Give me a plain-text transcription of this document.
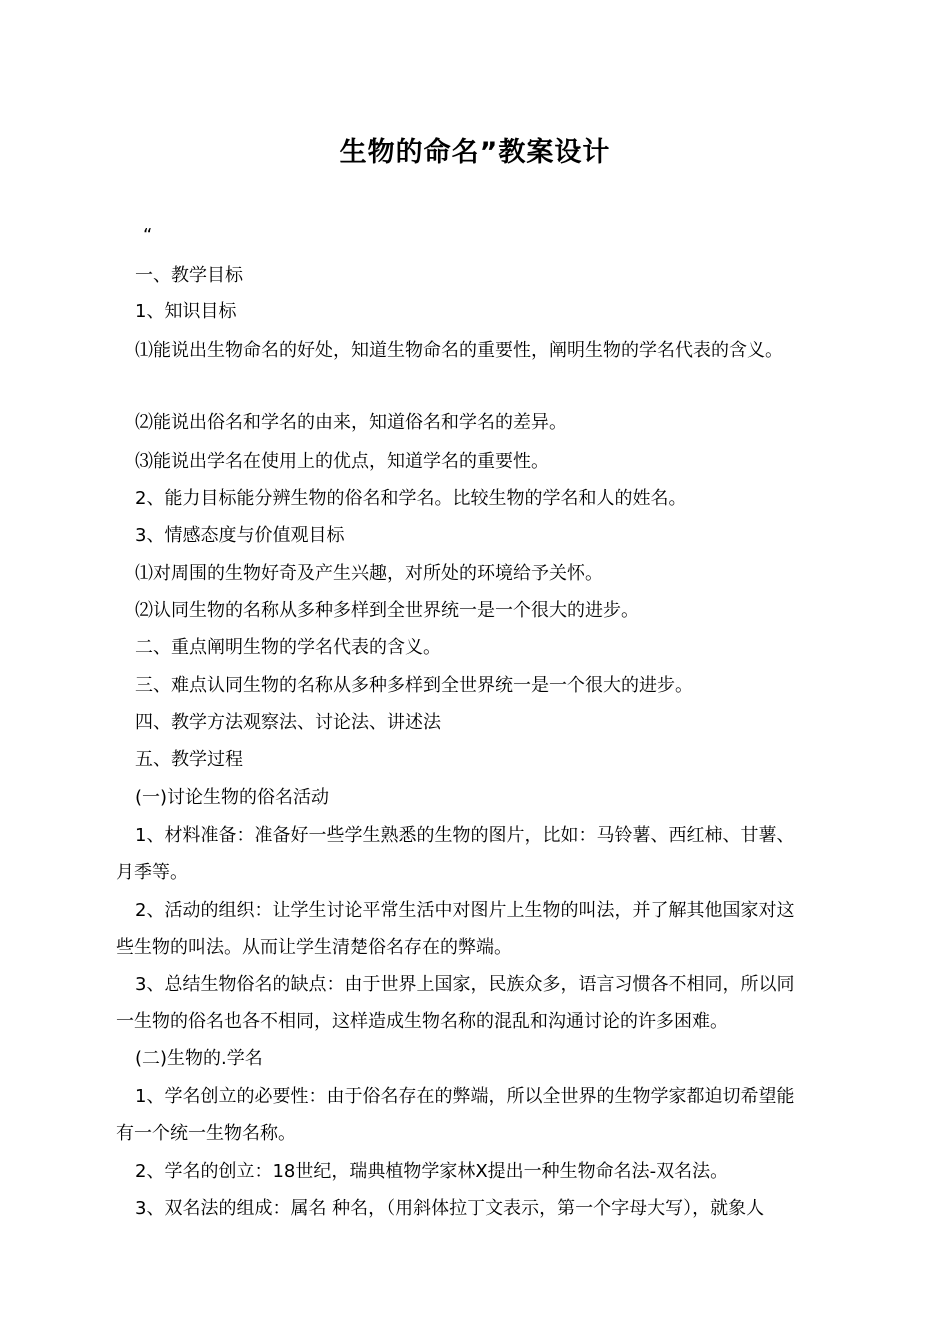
生物的命名”教案设计
“
一、教学目标
1、知识目标
⑴能说出生物命名的好处，知道生物命名的重要性，阐明生物的学名代表的含义。
⑵能说出俗名和学名的由来，知道俗名和学名的差异。
⑶能说出学名在使用上的优点，知道学名的重要性。
2、能力目标能分辨生物的俗名和学名。比较生物的学名和人的姓名。
3、情感态度与价值观目标
⑴对周围的生物好奇及产生兴趣，对所处的环境给予关怀。
⑵认同生物的名称从多种多样到全世界统一是一个很大的进步。
二、重点阐明生物的学名代表的含义。
三、难点认同生物的名称从多种多样到全世界统一是一个很大的进步。
四、教学方法观察法、讨论法、讲述法
五、教学过程
(一)讨论生物的俗名活动
1、材料准备：准备好一些学生熟悉的生物的图片，比如：马铃薯、西红柿、甘薯、
月季等。
2、活动的组织：让学生讨论平常生活中对图片上生物的叫法，并了解其他国家对这
些生物的叫法。从而让学生清楚俗名存在的弊端。
3、总结生物俗名的缺点：由于世界上国家，民族众多，语言习惯各不相同，所以同
一生物的俗名也各不相同，这样造成生物名称的混乱和沟通讨论的许多困难。
(二)生物的.学名
1、学名创立的必要性：由于俗名存在的弊端，所以全世界的生物学家都迫切希望能
有一个统一生物名称。
2、学名的创立：18世纪，瑞典植物学家林X提出一种生物命名法-双名法。
3、双名法的组成：属名 种名，（用斜体拉丁文表示，第一个字母大写），就象人
